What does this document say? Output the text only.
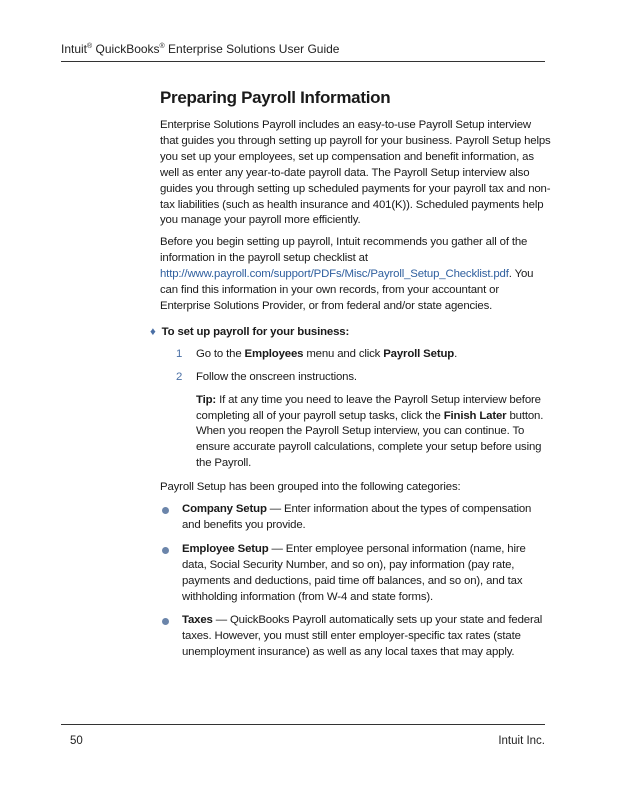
Intuit® QuickBooks® Enterprise Solutions User Guide
Preparing Payroll Information

Enterprise Solutions Payroll includes an easy-to-use Payroll Setup interview that guides you through setting up payroll for your business. Payroll Setup helps you set up your employees, set up compensation and benefit information, as well as enter any year-to-date payroll data. The Payroll Setup interview also guides you through setting up scheduled payments for your payroll tax and non-tax liabilities (such as health insurance and 401(K)). Scheduled payments help you manage your payroll more efficiently.

Before you begin setting up payroll, Intuit recommends you gather all of the information in the payroll setup checklist at http://www.payroll.com/support/PDFs/Misc/Payroll_Setup_Checklist.pdf. You can find this information in your own records, from your accountant or Enterprise Solutions Provider, or from federal and/or state agencies.

♦ To set up payroll for your business:
1 Go to the Employees menu and click Payroll Setup.
2 Follow the onscreen instructions.
Tip: If at any time you need to leave the Payroll Setup interview before completing all of your payroll setup tasks, click the Finish Later button. When you reopen the Payroll Setup interview, you can continue. To ensure accurate payroll calculations, complete your setup before using the Payroll.

Payroll Setup has been grouped into the following categories:

Company Setup — Enter information about the types of compensation and benefits you provide.
Employee Setup — Enter employee personal information (name, hire data, Social Security Number, and so on), pay information (pay rate, payments and deductions, paid time off balances, and so on), and tax withholding information (from W-4 and state forms).
Taxes — QuickBooks Payroll automatically sets up your state and federal taxes. However, you must still enter employer-specific tax rates (state unemployment insurance) as well as any local taxes that may apply.
50	Intuit Inc.
